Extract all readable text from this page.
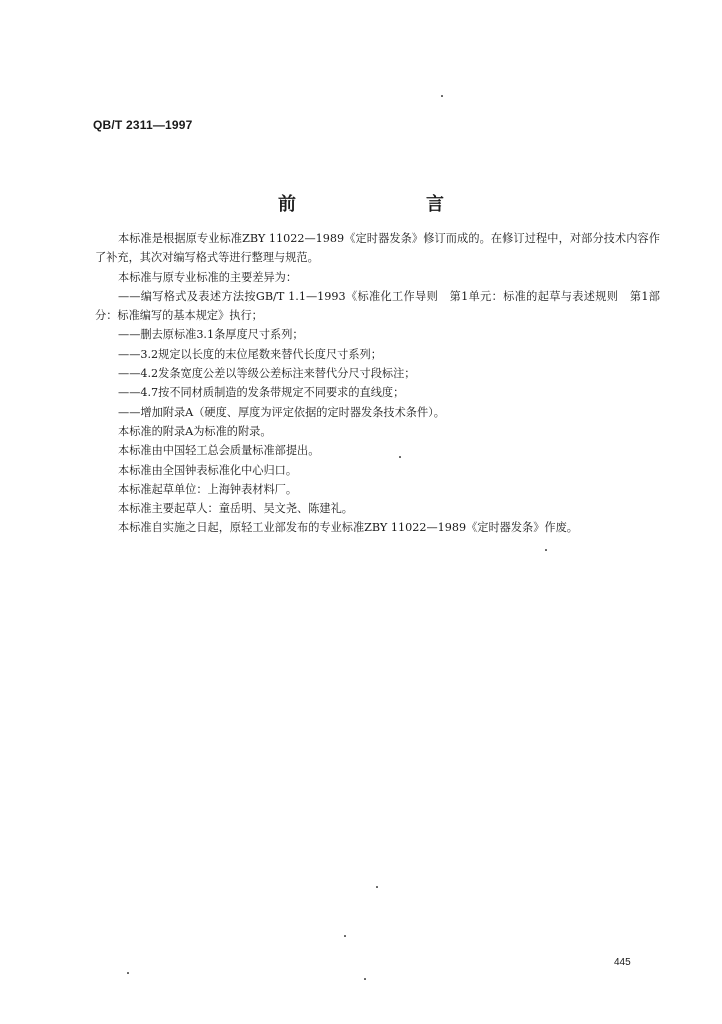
QB/T 2311—1997
前　言

本标准是根据原专业标准ZBY 11022—1989《定时器发条》修订而成的。在修订过程中，对部分技术内容作了补充，其次对编写格式等进行整理与规范。

本标准与原专业标准的主要差异为：

——编写格式及表述方法按GB/T 1.1—1993《标准化工作导则　第1单元：标准的起草与表述规则　第1部分：标准编写的基本规定》执行；

——删去原标准3.1条厚度尺寸系列；

——3.2规定以长度的末位尾数来替代长度尺寸系列；

——4.2发条宽度公差以等级公差标注来替代分尺寸段标注；

——4.7按不同材质制造的发条带规定不同要求的直线度；

——增加附录A（硬度、厚度为评定依据的定时器发条技术条件）。

本标准的附录A为标准的附录。

本标准由中国轻工总会质量标准部提出。

本标准由全国钟表标准化中心归口。

本标准起草单位：上海钟表材料厂。

本标准主要起草人：童岳明、吴文尧、陈建礼。

本标准自实施之日起，原轻工业部发布的专业标准ZBY 11022—1989《定时器发条》作废。

445
